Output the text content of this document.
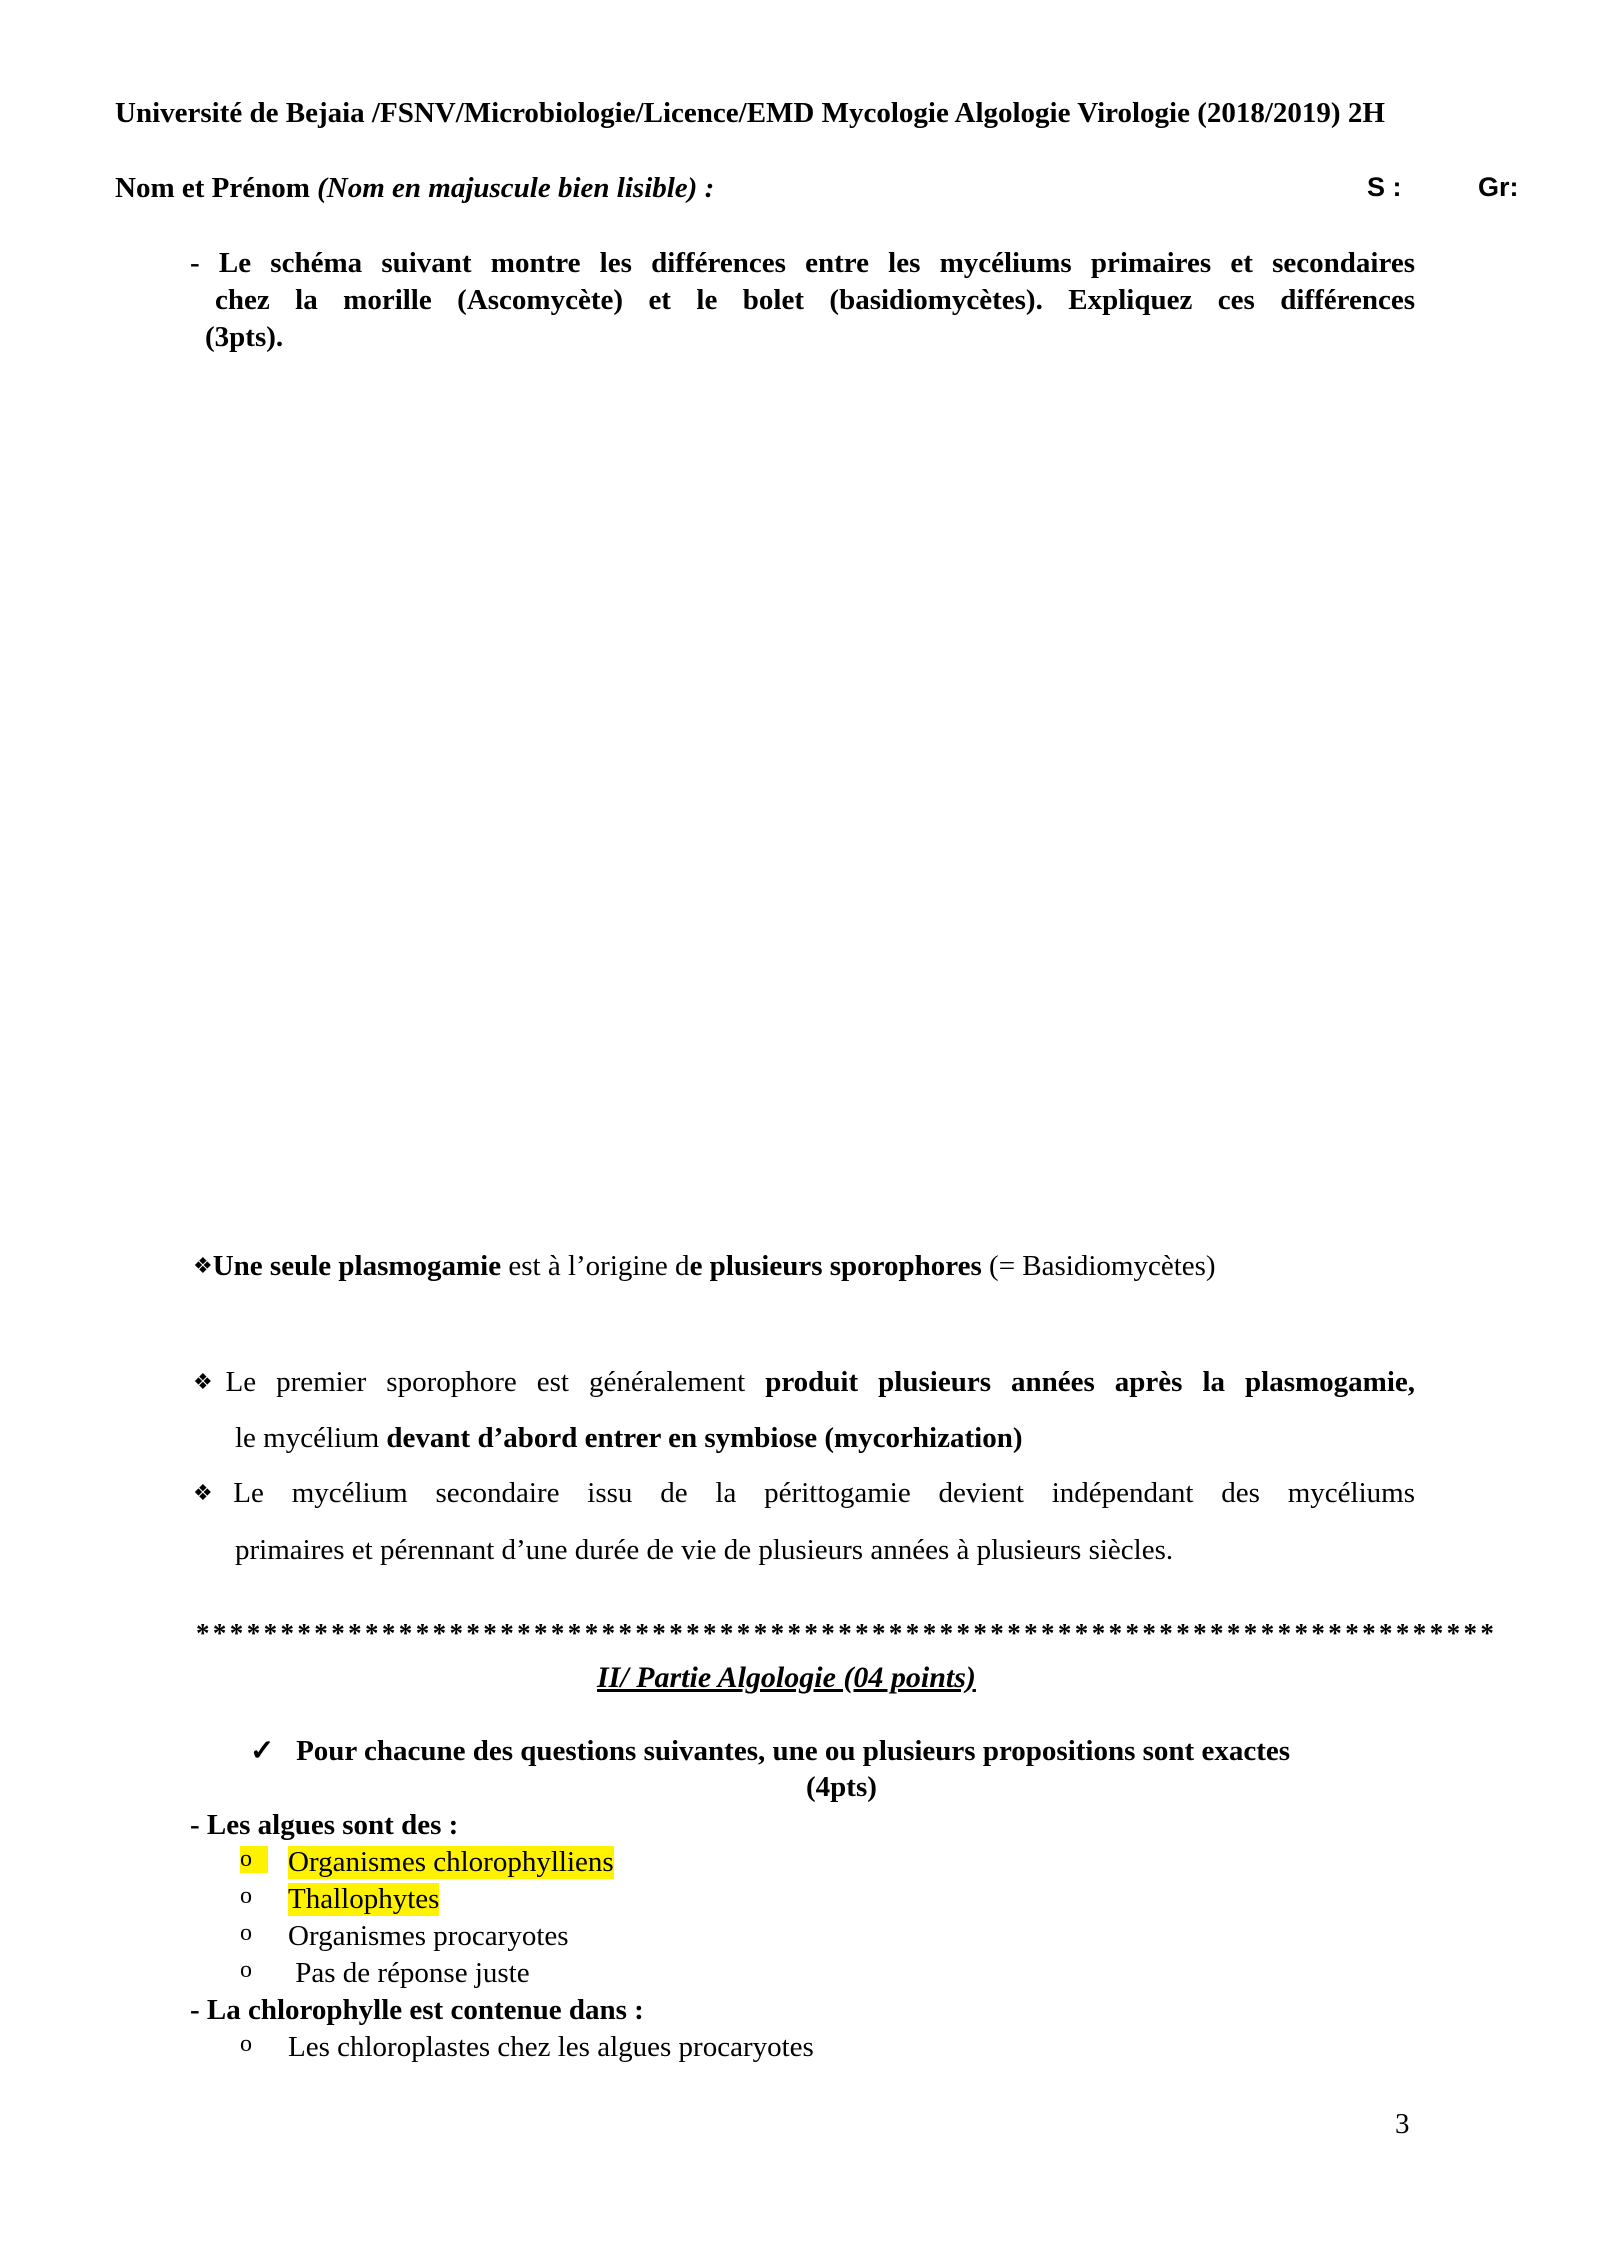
Université de Bejaia /FSNV/Microbiologie/Licence/EMD Mycologie Algologie Virologie (2018/2019) 2H
Nom et Prénom (Nom en majuscule bien lisible) :	S :	Gr:
- Le schéma suivant montre les différences entre les mycéliums primaires et secondaires
chez la morille (Ascomycète) et le bolet (basidiomycètes). Expliquez ces différences
(3pts).
❖Une seule plasmogamie est à l’origine de plusieurs sporophores (= Basidiomycètes)
❖Le premier sporophore est généralement produit plusieurs années après la plasmogamie,
le mycélium devant d’abord entrer en symbiose (mycorhization)
❖Le mycélium secondaire issu de la périttogamie devient indépendant des mycéliums
primaires et pérennant d’une durée de vie de plusieurs années à plusieurs siècles.
*****************************************************************************
II/ Partie Algologie (04 points)
✓ Pour chacune des questions suivantes, une ou plusieurs propositions sont exactes
(4pts)
- Les algues sont des :
o	Organismes chlorophylliens
o Thallophytes
o Organismes procaryotes
o Pas de réponse juste
- La chlorophylle est contenue dans :
o Les chloroplastes chez les algues procaryotes
3
